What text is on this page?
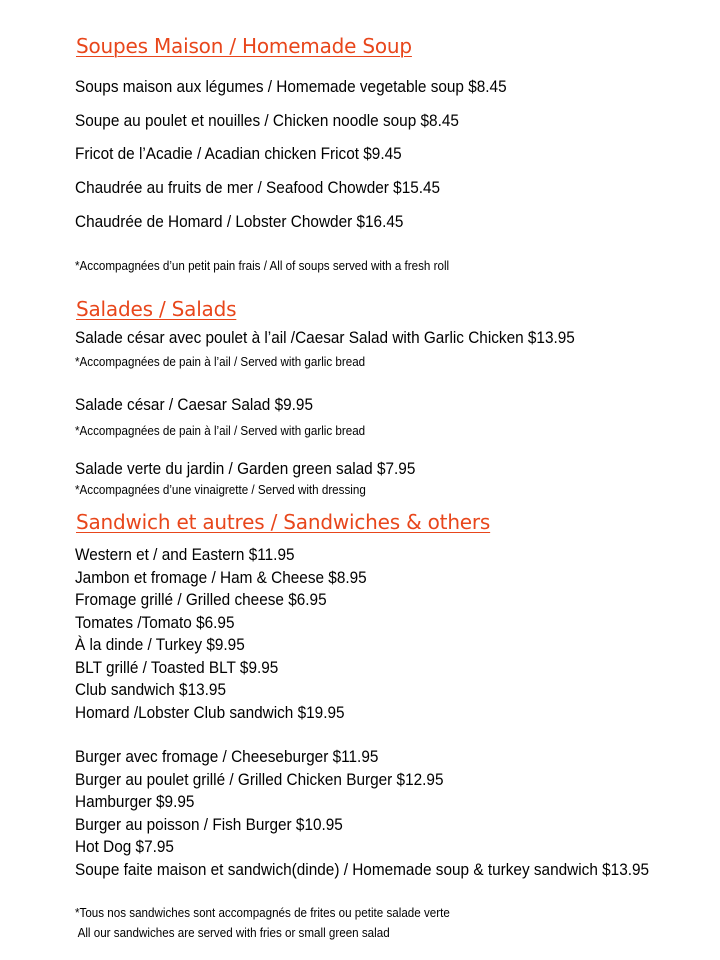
Soupes Maison / Homemade Soup

Soups maison aux légumes / Homemade vegetable soup $8.45

Soupe au poulet et nouilles / Chicken noodle soup $8.45

Fricot de l’Acadie / Acadian chicken Fricot $9.45

Chaudrée au fruits de mer / Seafood Chowder $15.45

Chaudrée de Homard / Lobster Chowder $16.45

*Accompagnées d’un petit pain frais / All of soups served with a fresh roll

Salades / Salads

Salade césar avec poulet à l’ail /Caesar Salad with Garlic Chicken $13.95

*Accompagnées de pain à l’ail / Served with garlic bread

Salade césar / Caesar Salad $9.95

*Accompagnées de pain à l’ail / Served with garlic bread

Salade verte du jardin / Garden green salad $7.95

*Accompagnées d’une vinaigrette / Served with dressing

Sandwich et autres / Sandwiches & others

Western et / and Eastern $11.95

Jambon et fromage / Ham & Cheese $8.95

Fromage grillé / Grilled cheese $6.95

Tomates /Tomato $6.95

À la dinde / Turkey $9.95

BLT grillé / Toasted BLT $9.95

Club sandwich $13.95

Homard /Lobster Club sandwich $19.95

Burger avec fromage / Cheeseburger $11.95

Burger au poulet grillé / Grilled Chicken Burger $12.95

Hamburger $9.95

Burger au poisson / Fish Burger $10.95

Hot Dog $7.95

Soupe faite maison et sandwich(dinde) / Homemade soup & turkey sandwich $13.95

*Tous nos sandwiches sont accompagnés de frites ou petite salade verte

All our sandwiches are served with fries or small green salad
